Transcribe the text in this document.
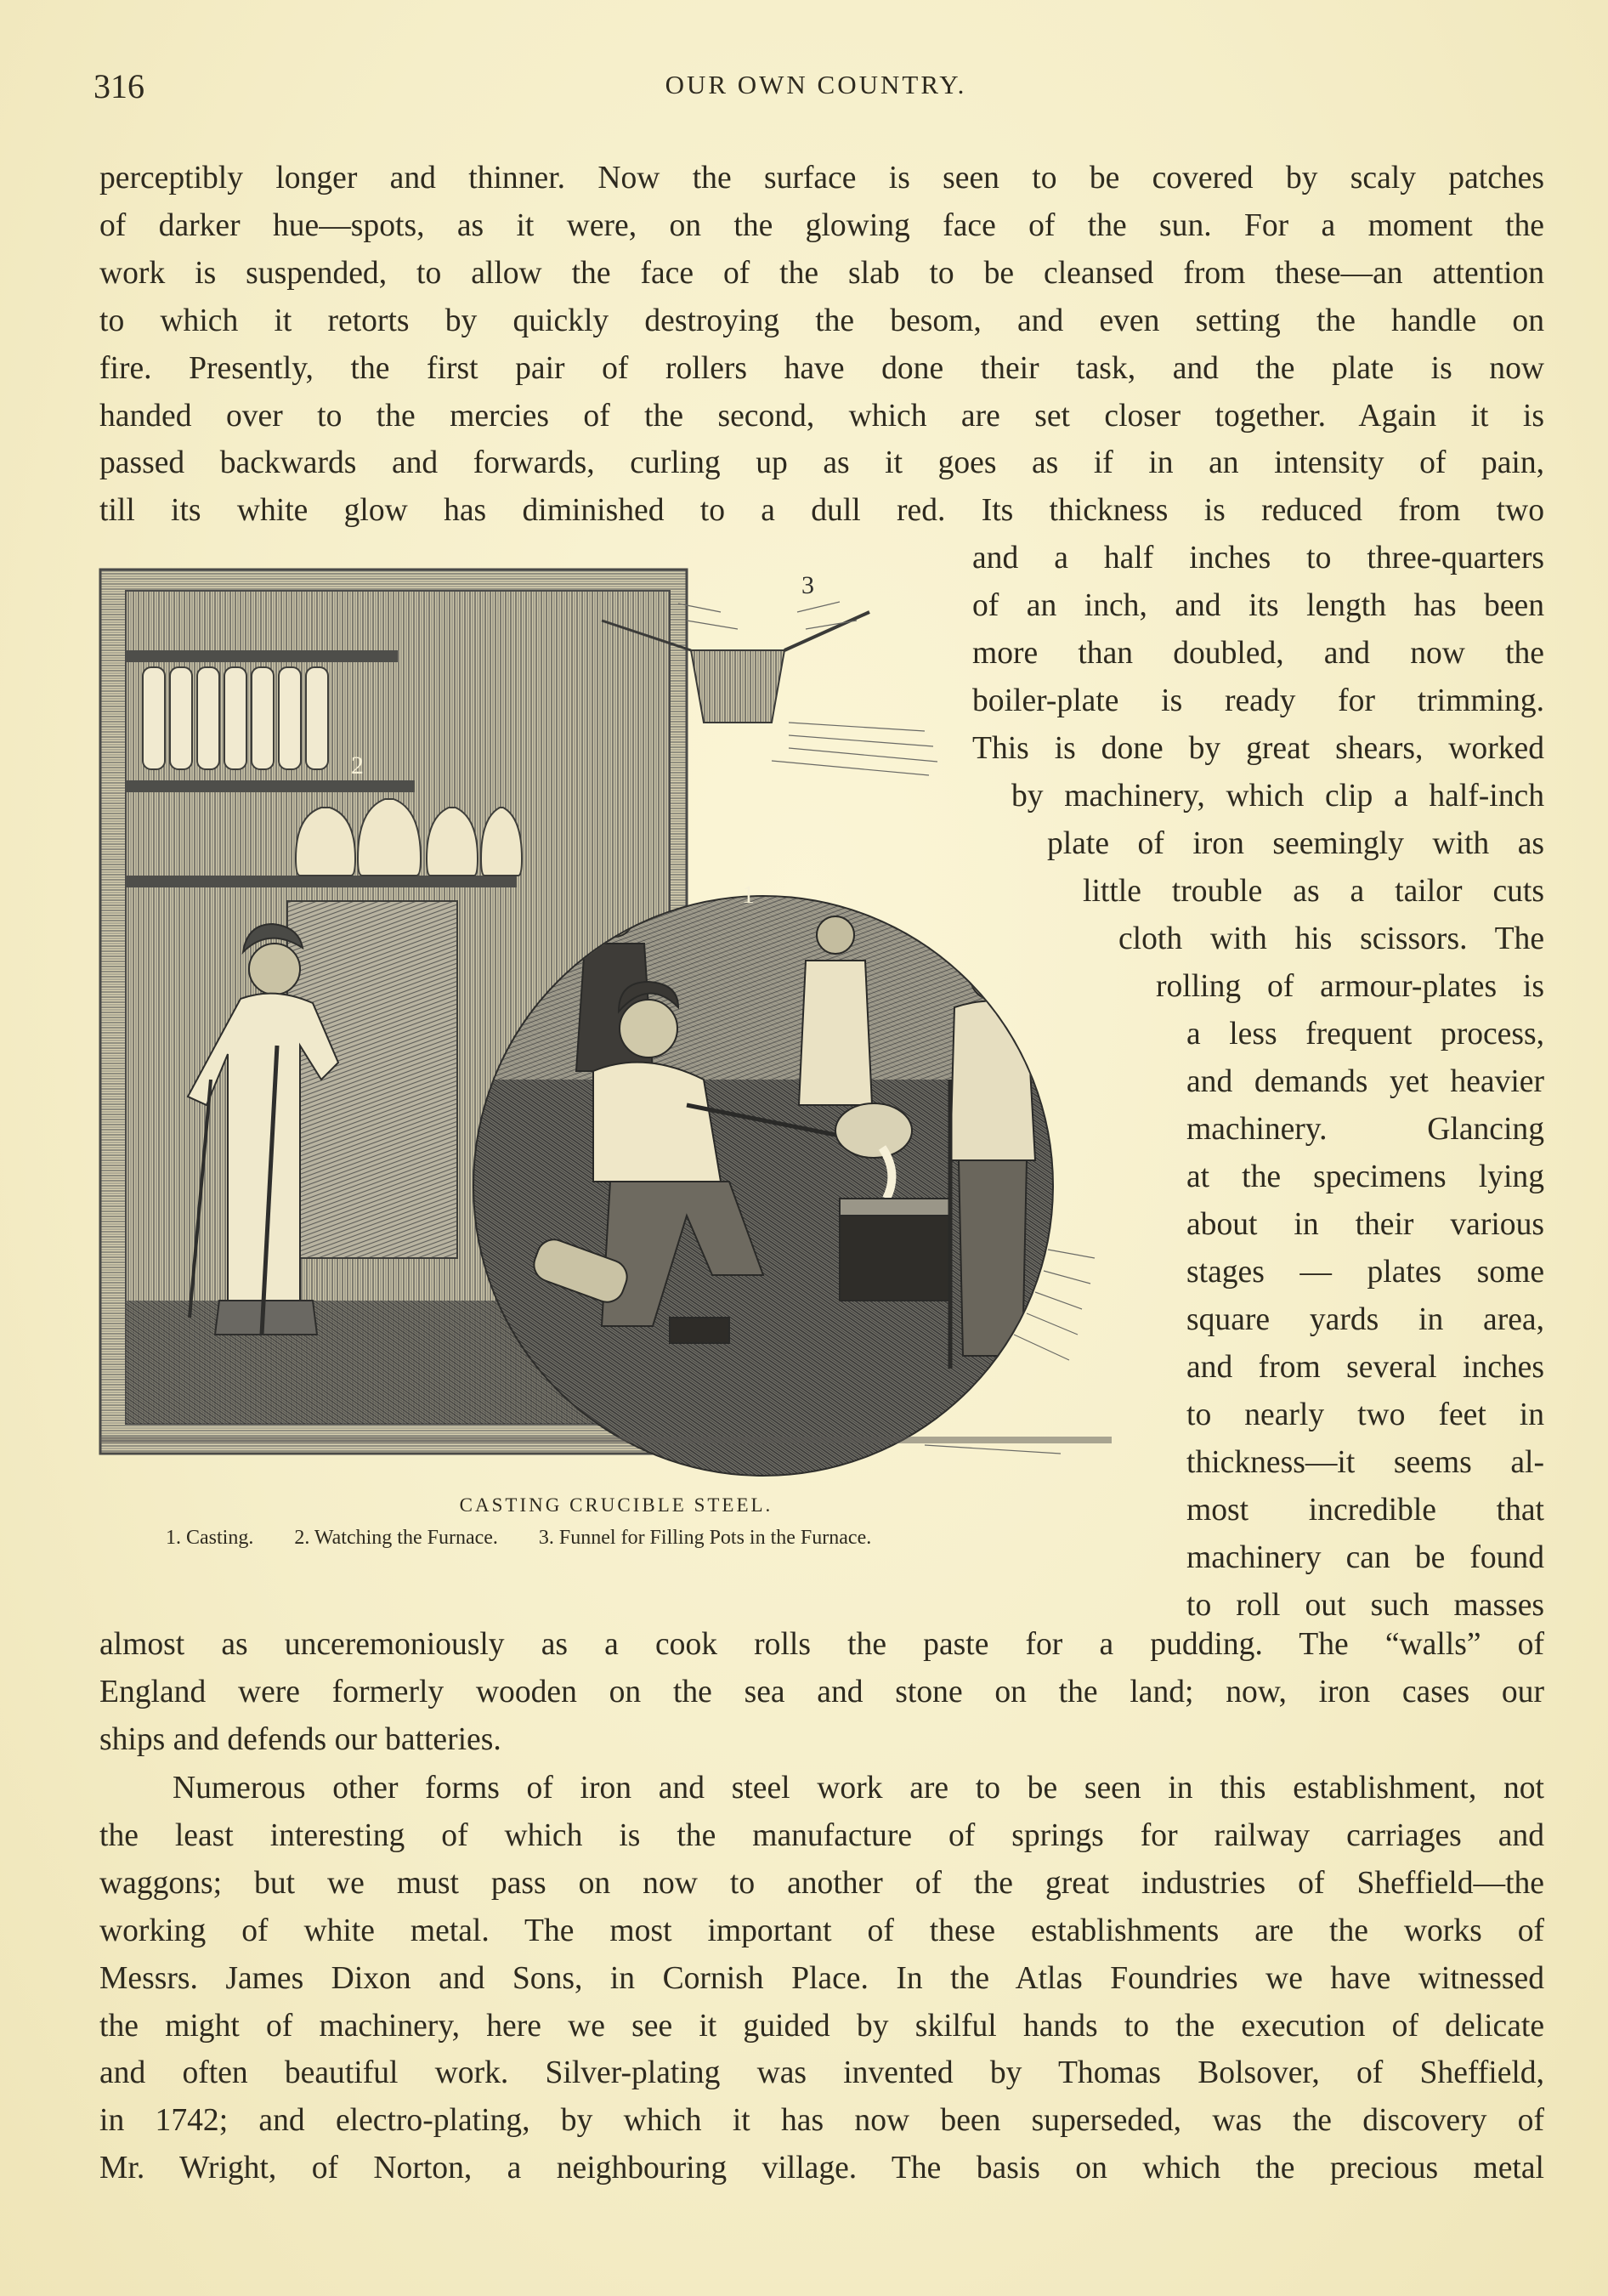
316	OUR OWN COUNTRY.
perceptibly longer and thinner. Now the surface is seen to be covered by scaly patches
of darker hue—spots, as it were, on the glowing face of the sun. For a moment the
work is suspended, to allow the face of the slab to be cleansed from these—an attention
to which it retorts by quickly destroying the besom, and even setting the handle on
fire. Presently, the first pair of rollers have done their task, and the plate is now
handed over to the mercies of the second, which are set closer together. Again it is
passed backwards and forwards, curling up as it goes as if in an intensity of pain,
till its white glow has diminished to a dull red. Its thickness is reduced from two
and a half inches to three-quarters
of an inch, and its length has been
more than doubled, and now the
boiler-plate is ready for trimming.
This is done by great shears, worked
by machinery, which clip a half-inch
plate of iron seemingly with as
little trouble as a tailor cuts
cloth with his scissors. The
rolling of armour-plates is
a less frequent process,
and demands yet heavier
machinery. Glancing
at the specimens lying
about in their various
stages — plates some
square yards in area,
and from several inches
to nearly two feet in
thickness—it seems al-
most incredible that
machinery can be found
to roll out such masses
2
3
1
CASTING CRUCIBLE STEEL.
1. Casting. 2. Watching the Furnace. 3. Funnel for Filling Pots in the Furnace.
almost as unceremoniously as a cook rolls the paste for a pudding. The “walls” of
England were formerly wooden on the sea and stone on the land; now, iron cases our
ships and defends our batteries.
Numerous other forms of iron and steel work are to be seen in this establishment, not
the least interesting of which is the manufacture of springs for railway carriages and
waggons; but we must pass on now to another of the great industries of Sheffield—the
working of white metal. The most important of these establishments are the works of
Messrs. James Dixon and Sons, in Cornish Place. In the Atlas Foundries we have witnessed
the might of machinery, here we see it guided by skilful hands to the execution of delicate
and often beautiful work. Silver-plating was invented by Thomas Bolsover, of Sheffield,
in 1742; and electro-plating, by which it has now been superseded, was the discovery of
Mr. Wright, of Norton, a neighbouring village. The basis on which the precious metal
